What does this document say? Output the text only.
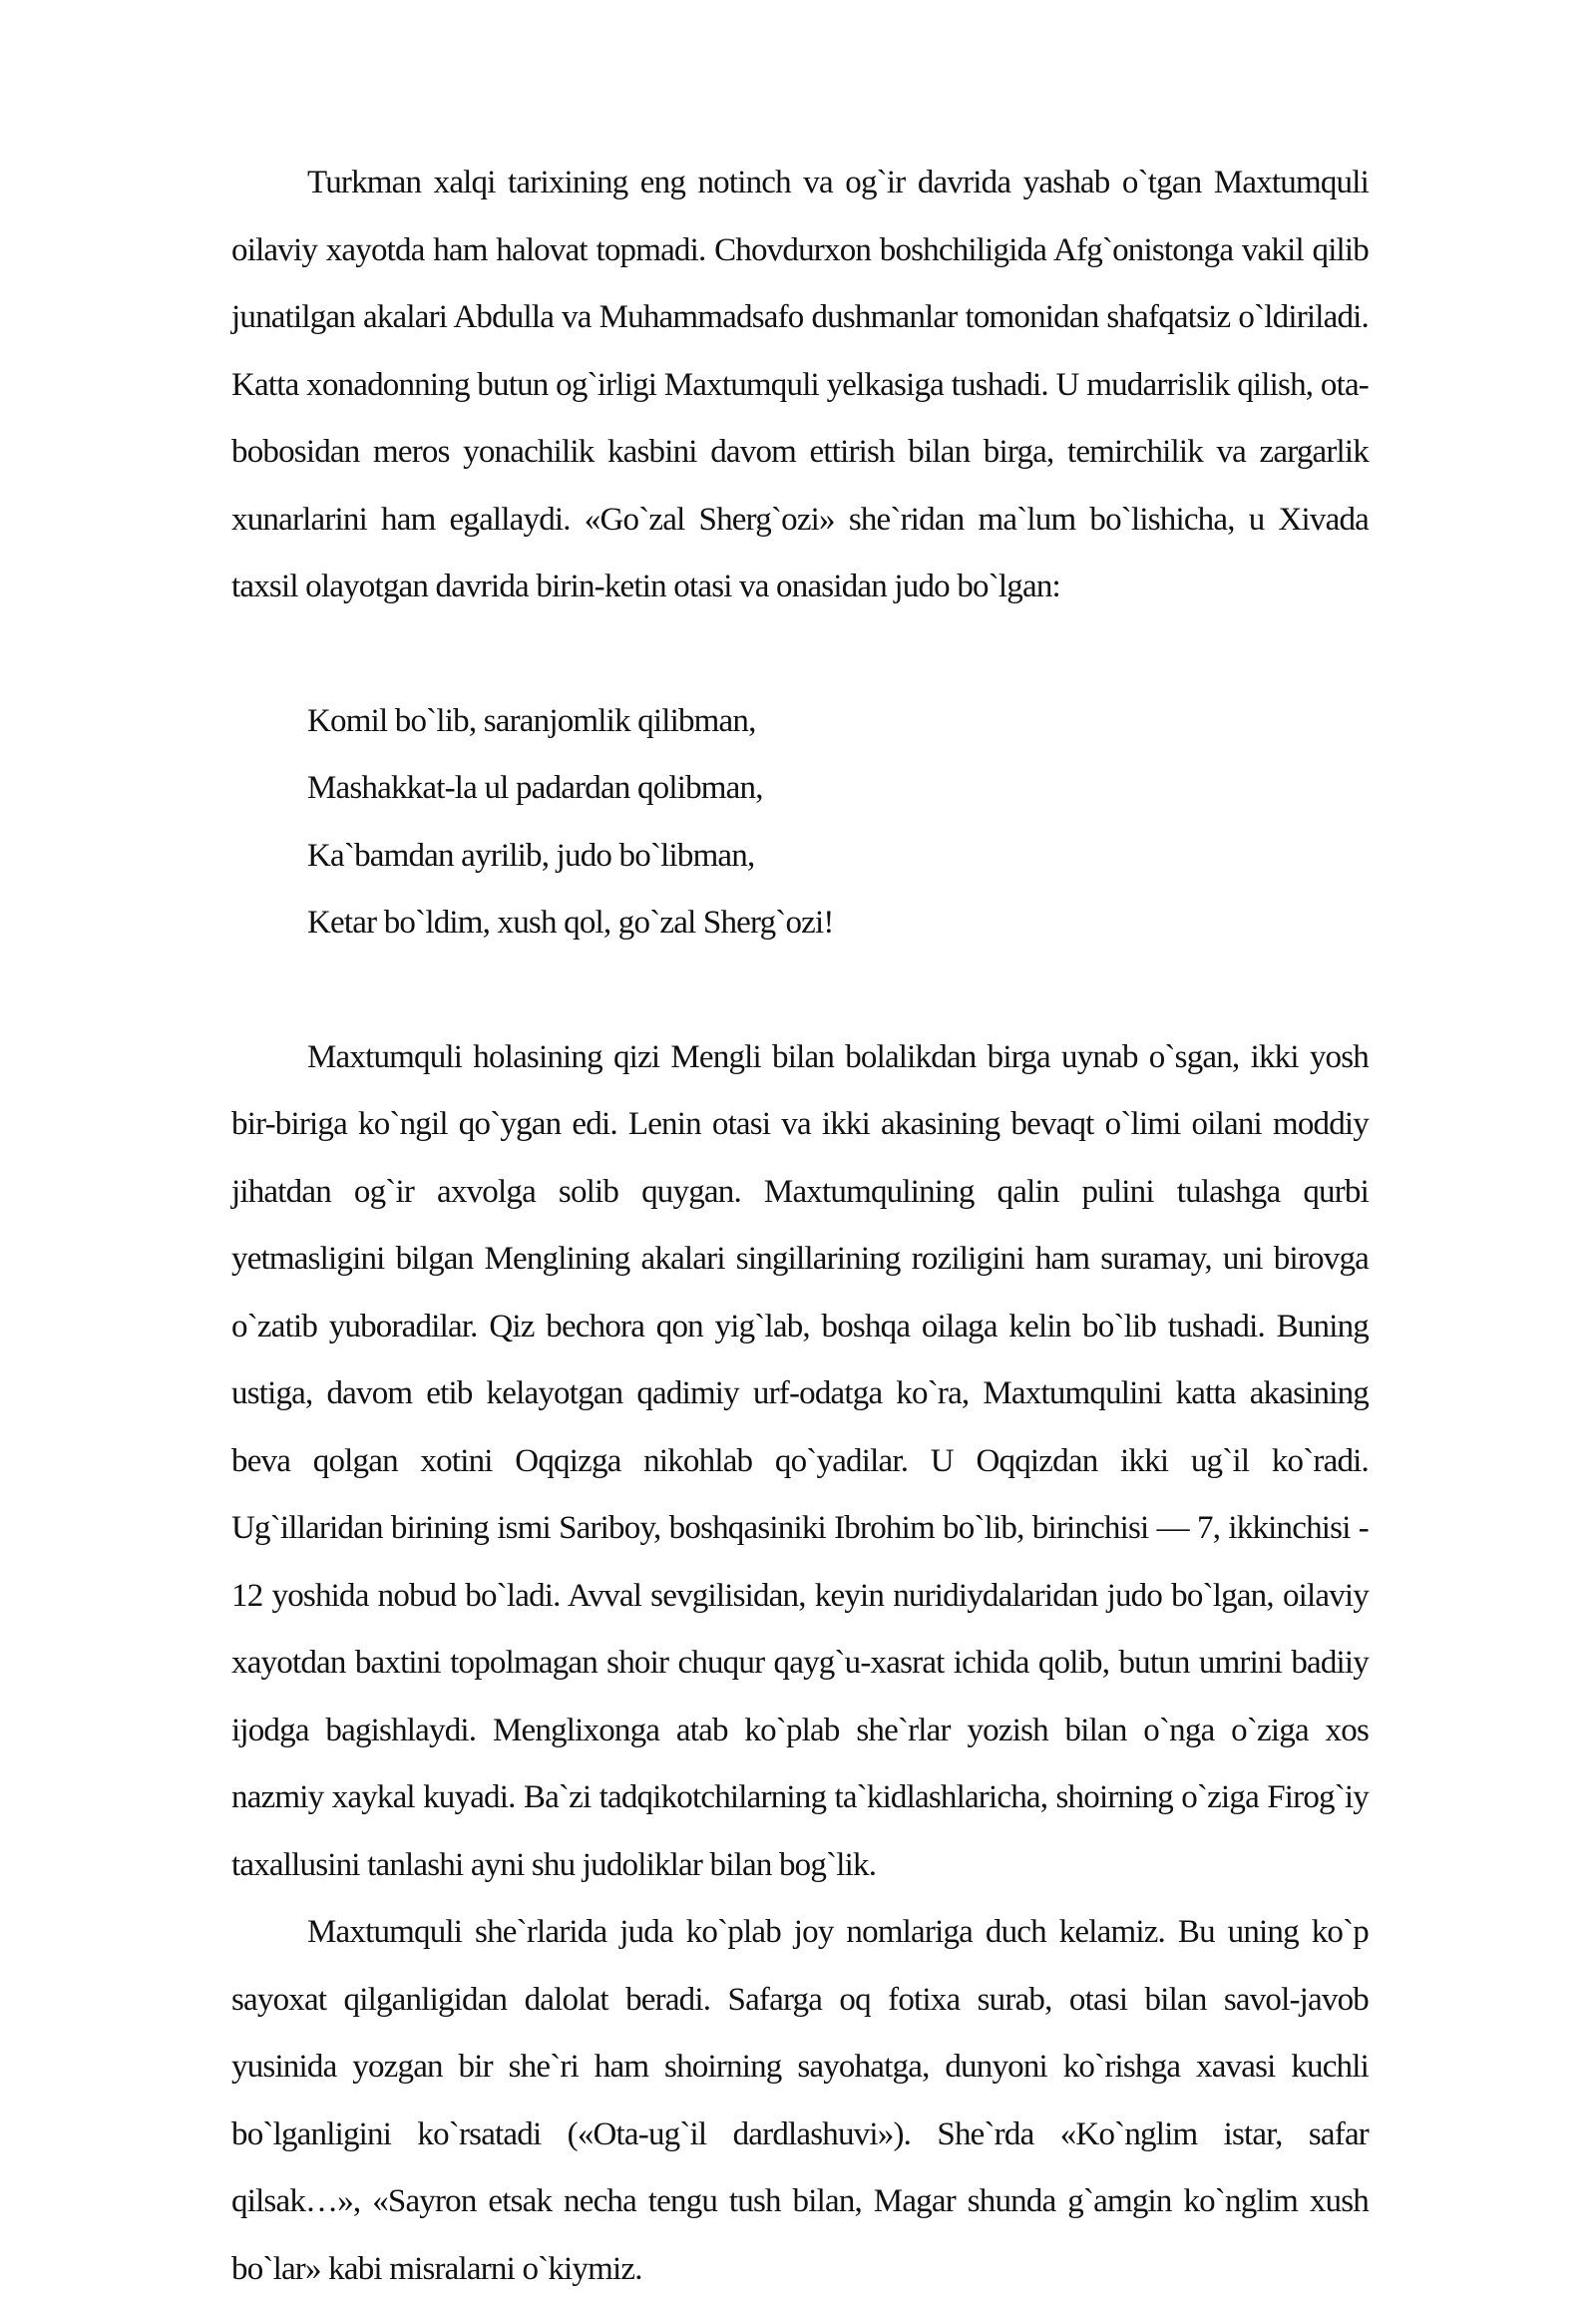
Turkman xalqi tarixining eng notinch va og`ir davrida yashab o`tgan Maxtumquli oilaviy xayotda ham halovat topmadi. Chovdurxon boshchiligida Afg`onistonga vakil qilib junatilgan akalari Abdulla va Muhammadsafo dushmanlar tomonidan shafqatsiz o`ldiriladi. Katta xonadonning butun og`irligi Maxtumquli yelkasiga tushadi. U mudarrislik qilish, ota-bobosidan meros yonachilik kasbini davom ettirish bilan birga, temirchilik va zargarlik xunarlarini ham egallaydi. «Go`zal Sherg`ozi» she`ridan ma`lum bo`lishicha, u Xivada taxsil olayotgan davrida birin-ketin otasi va onasidan judo bo`lgan:

Komil bo`lib, saranjomlik qilibman,
Mashakkat-la ul padardan qolibman,
Ka`bamdan ayrilib, judo bo`libman,
Ketar bo`ldim, xush qol, go`zal Sherg`ozi!

Maxtumquli holasining qizi Mengli bilan bolalikdan birga uynab o`sgan, ikki yosh bir-biriga ko`ngil qo`ygan edi. Lenin otasi va ikki akasining bevaqt o`limi oilani moddiy jihatdan og`ir axvolga solib quygan. Maxtumqulining qalin pulini tulashga qurbi yetmasligini bilgan Menglining akalari singillarining roziligini ham suramay, uni birovga o`zatib yuboradilar. Qiz bechora qon yig`lab, boshqa oilaga kelin bo`lib tushadi. Buning ustiga, davom etib kelayotgan qadimiy urf-odatga ko`ra, Maxtumqulini katta akasining beva qolgan xotini Oqqizga nikohlab qo`yadilar. U Oqqizdan ikki ug`il ko`radi. Ug`illaridan birining ismi Sariboy, boshqasiniki Ibrohim bo`lib, birinchisi — 7, ikkinchisi - 12 yoshida nobud bo`ladi. Avval sevgilisidan, keyin nuridiydalaridan judo bo`lgan, oilaviy xayotdan baxtini topolmagan shoir chuqur qayg`u-xasrat ichida qolib, butun umrini badiiy ijodga bagishlaydi. Menglixonga atab ko`plab she`rlar yozish bilan o`nga o`ziga xos nazmiy xaykal kuyadi. Ba`zi tadqikotchilarning ta`kidlashlaricha, shoirning o`ziga Firog`iy taxallusini tanlashi ayni shu judoliklar bilan bog`lik.

Maxtumquli she`rlarida juda ko`plab joy nomlariga duch kelamiz. Bu uning ko`p sayoxat qilganligidan dalolat beradi. Safarga oq fotixa surab, otasi bilan savol-javob yusinida yozgan bir she`ri ham shoirning sayohatga, dunyoni ko`rishga xavasi kuchli bo`lganligini ko`rsatadi («Ota-ug`il dardlashuvi»). She`rda «Ko`nglim istar, safar qilsak…», «Sayron etsak necha tengu tush bilan, Magar shunda g`amgin ko`nglim xush bo`lar» kabi misralarni o`kiymiz.
